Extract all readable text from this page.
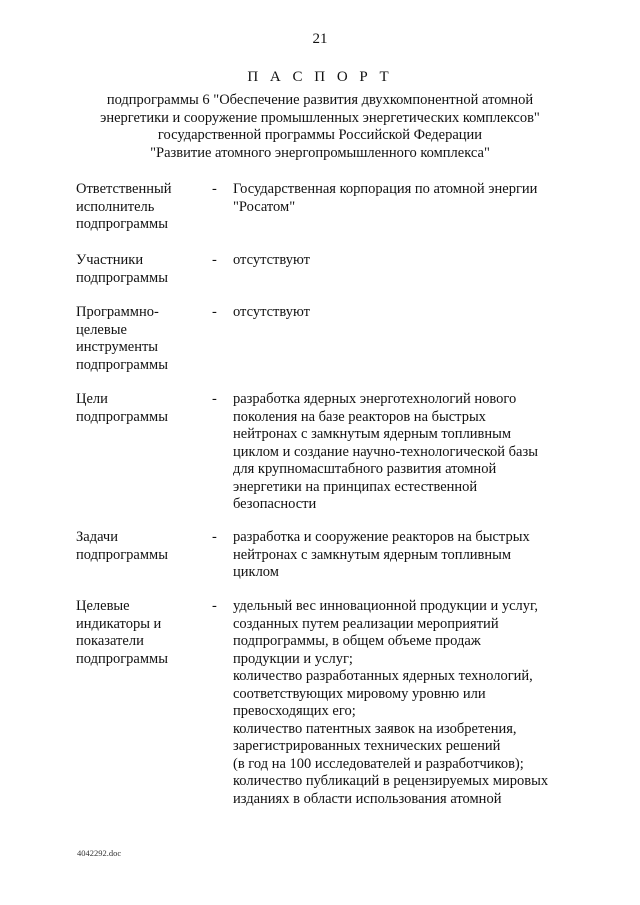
21
П А С П О Р Т
подпрограммы 6 "Обеспечение развития двухкомпонентной атомной
энергетики и сооружение промышленных энергетических комплексов"
государственной программы Российской Федерации
"Развитие атомного энергопромышленного комплекса"
Ответственный
исполнитель
подпрограммы
-	Государственная корпорация по атомной энергии
"Росатом"
Участники
подпрограммы
-	отсутствуют
Программно-
целевые
инструменты
подпрограммы
-	отсутствуют
Цели
подпрограммы
-	разработка ядерных энерготехнологий нового
поколения на базе реакторов на быстрых
нейтронах с замкнутым ядерным топливным
циклом и создание научно-технологической базы
для крупномасштабного развития атомной
энергетики на принципах естественной
безопасности
Задачи
подпрограммы
-	разработка и сооружение реакторов на быстрых
нейтронах с замкнутым ядерным топливным
циклом
Целевые
индикаторы и
показатели
подпрограммы
-	удельный вес инновационной продукции и услуг,
созданных путем реализации мероприятий
подпрограммы, в общем объеме продаж
продукции и услуг;
количество разработанных ядерных технологий,
соответствующих мировому уровню или
превосходящих его;
количество патентных заявок на изобретения,
зарегистрированных технических решений
(в год на 100 исследователей и разработчиков);
количество публикаций в рецензируемых мировых
изданиях в области использования атомной
4042292.doc
